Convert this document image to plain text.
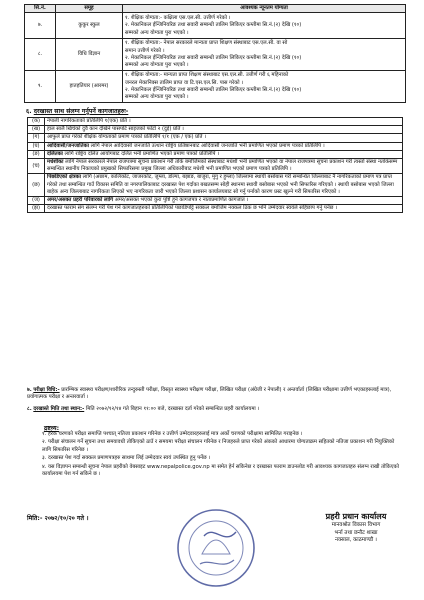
सि.नं.	समूह	आवश्यक न्यूनतम योग्यता
७.	कुकुर स्कुल	१. शैक्षिक योग्यता:- कक्षिला एस.एल.सी. उत्तीर्ण गरेको ।
२. मेकानिकल ईन्जिनियरिङ तथा सवारी सम्बन्धी तालिम लिकिएर कम्तीमा सि.नं.(२) देखि (१०)
सम्मको अन्य योग्यता पुरा भएको ।

८.	विधि विज्ञान	१. शैक्षिक योग्यता:- नेपाल सरकारले मान्यता प्राप्त शिक्षण संस्थाबाट एस.एल.सी. वा सो
समान उत्तीर्ण गरेको ।
२. मेकानिकल ईन्जिनियरिङ तथा सवारी सम्बन्धी तालिम लिकिएर कम्तीमा सि.नं.(२) देखि (१०)
सम्मको अन्य योग्यता पुरा भएको ।

९.	हातहतियार (आरमर)	१. शैक्षिक योग्यता:- मान्यता प्राप्त शिक्षण संस्थाबाट एस.एल.सी. उत्तीर्ण गरी ६ महिनाको
जनरल मेकानिक्स तालिम प्राप्त वा टि.एस.एल.सि. पास गरेको ।
२. मेकानिकल ईन्जिनियरिङ तथा सवारी सम्बन्धी तालिम लिकिएर कम्तीमा सि.नं.(२) देखि (१०)
सम्मको अन्य योग्यता पुरा भएको ।
६. दरखास्त साथ संलग्न गर्नुपर्ने कागजातहरुः-
(क)	नेपाली नागरिकताको प्रतिलिपि १(एक) प्रति ।
(ख)	हाल सालै खिचेको दुवै कान देखिने पासपोर्ट साइजको फोटो २ (दुई) प्रति ।
(ग)	आफुले प्राप्त गरेको शैक्षिक योग्यताको प्रमाण पत्रको प्रतिलिपि १/१ (एक / एक) प्रति ।
(घ)	आदिवासी/जनजातिका लागि नेपाल आदिवासी जनजाति उत्थान राष्ट्रिय प्रतिष्ठानबाट आदिवासी जनजाति भनी प्रमाणित भएको प्रमाण पत्रको प्रतिलिपि ।
(ङ)	दलितका लागि राष्ट्रिय दलित आयोगबाट दलित भनी प्रमाणित भएको प्रमाण पत्रको प्रतिलिपि ।
(च)	मधेशीका लागि नेपाल सरकारले नेपाल राजपत्रमा सूचना प्रकाशन गरी तोके बमोजिमको संस्थाबाट मधेशी भनी प्रमाणित भएको वा नेपाल राजपत्रमा सूचना प्रकाशन गरी त्यस्तो संस्था नतोकेसम्म सम्बन्धित स्थानीय निकायको प्रमुखको सिफारिसमा प्रमुख जिल्ला अधिकारीबाट मधेशी भनी प्रमाणित भएको प्रमाण पत्रको प्रतिलिपि ।
(छ)	पिछडिएको क्षेत्रका लागि (अछाम, कालिकोट, जाजरकोट, जुम्ला, डोल्पा, बझाङ, बाजुरा, मुगु र हुम्ला) जिल्लामा स्थायी बसोबास गरी सम्बन्धित जिल्लाबाट नै नागरिकताको प्रमाण पत्र प्राप्त गरेको तथा सम्बन्धित गाउँ विकास समिति वा नगरपालिकाबाट दरखास्त पेश गर्दाका बखतसम्म सोही स्थानमा स्थायी बसोबास भएको भनी सिफारिस गरिएको । स्थायी बसोबास भएको जिल्ला बाहेक अन्य जिल्लाबाट नागरिकता लिएको भए नागरिकता जारी भएको जिल्ला प्रशासन कार्यालयबाट सो गर्नु पर्नाको कारण प्रस्ट खुल्ने गरी सिफारिस गरिएको ।
(ज)	अमर/असक्त प्रहरी परिवारको लागि अमर/असक्त भएको कुरा पुष्टि हुने कागजपत्र र नाताप्रमाणित कागजात ।
(झ)	दरखास्त फाराम संग संलग्न गरी पेश गर्ने कागजातहरुको प्रतिलिपिको पछाडिपट्टि सक्कल बमोजिम नक्कल ठिक छ भनि उम्मेदवार स्वयंले सहिछाप गर्नु पर्नेछ ।
७. परीक्षा विधि:- प्रारम्भिक स्वास्थ्य परीक्षण/शारीरिक तन्दुरुस्ती परीक्षा, विस्तृत स्वास्थ्य परीक्षण परीक्षा, लिखित परीक्षा (अंग्रेजी र नेपाली) र अन्तर्वार्ता (लिखित परीक्षामा उत्तीर्ण भएकाहरुलाई मात्र), प्रयोगात्मक परीक्षा र अन्तरवार्ता ।
८. दरखास्ते मिति तथा स्थान:- मिति २०७२/१२/१४ गते बिहान ११:०० बजे, दरखास्त दर्ता गरेको सम्बन्धित प्रहरी कार्यालयमा ।
द्रष्टव्य:
१. हरेक चरणको परीक्षा समाप्ति पश्चात् नतिजा प्रकाशन गरिनेछ र उत्तीर्ण उम्मेदवारहरुलाई मात्र अर्को चरणको परीक्षामा सामिलित गराइनेछ ।
२. परीक्षा संचालन गर्ने सूचना तथा समयावधी तोकिएको ठाउँ र समयमा परीक्षा संचालन गरिनेछ र निजहरुले प्राप्त गरेको अंकको आधारमा योग्यताक्रम सहितको नतिजा प्रकाशन गरी नियुक्तिको लागि सिफारिस गरिनेछ ।
३. दरखास्त पेश गर्दा सक्कल प्रमाणपत्रहरु साथमा लिई उम्मेदवार स्वयं उपस्थित हुनु पर्नेछ ।
४. यस विज्ञापन सम्बन्धी सूचना नेपाल प्रहरीको वेबसाइट www.nepalpolice.gov.np मा समेत हेर्न सकिनेछ र दरखास्त फाराम डाउनलोड गरी आवश्यक कागजातहरु संलग्न राखी तोकिएको कार्यालयमा पेश गर्न सकिने छ ।
मिति:- २०७२/१०/२० गते ।	प्रहरी प्रधान कार्यालय
मानवश्रोत विकास विभाग
भर्ना तथा छनौट शाखा
नक्साल, काठमाण्डौ ।
